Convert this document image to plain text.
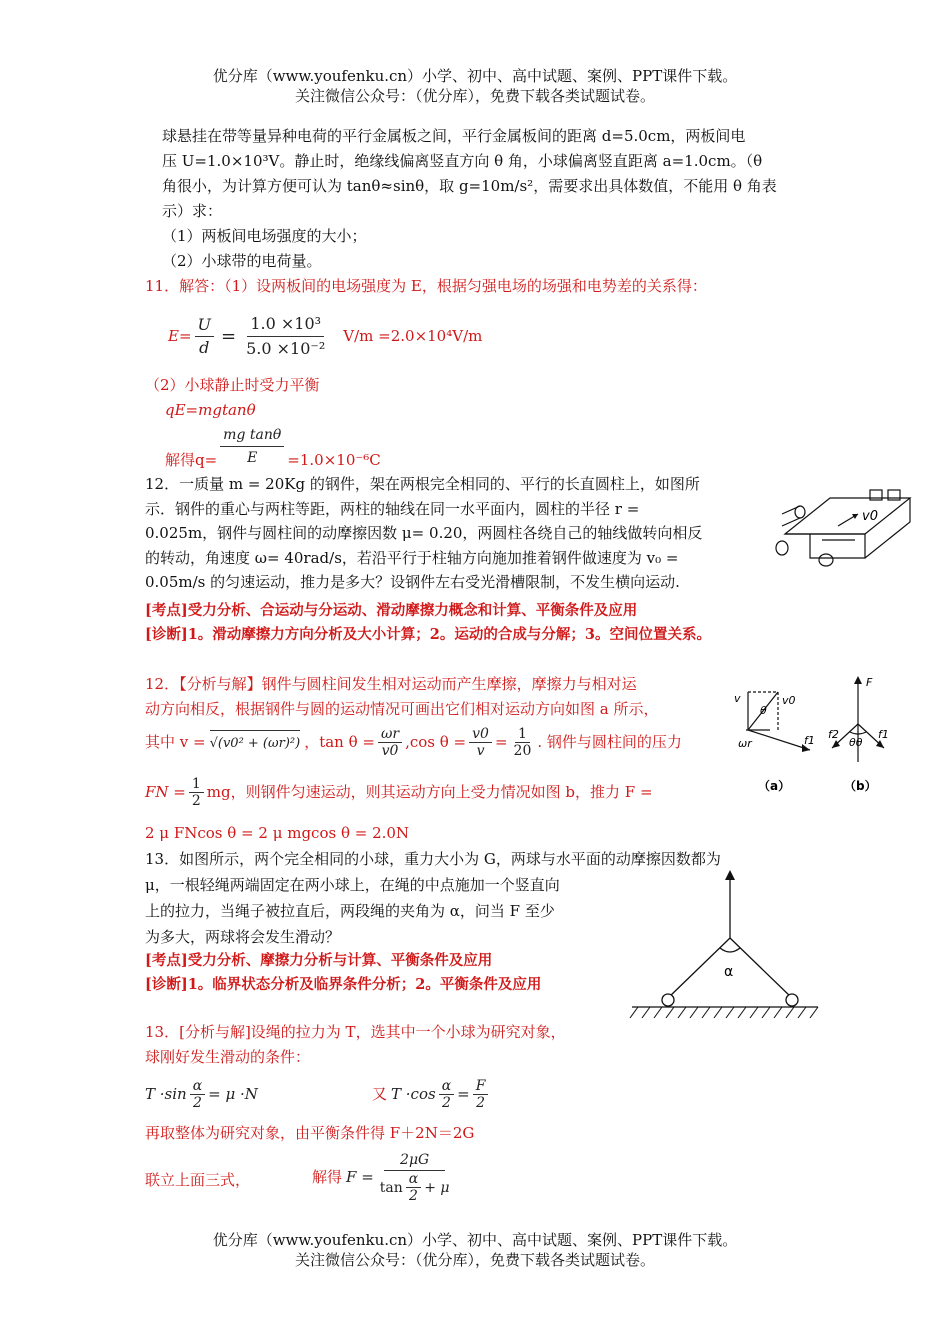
优分库（www.youfenku.cn）小学、初中、高中试题、案例、PPT课件下载。
关注微信公众号：（优分库），免费下载各类试题试卷。
球悬挂在带等量异种电荷的平行金属板之间，平行金属板间的距离 d=5.0cm，两板间电
压 U=1.0×10³V。静止时，绝缘线偏离竖直方向 θ 角，小球偏离竖直距离 a=1.0cm。（θ
角很小，为计算方便可认为 tanθ≈sinθ，取 g=10m/s²，需要求出具体数值，不能用 θ 角表
示）求：
（1）两板间电场强度的大小；
（2）小球带的电荷量。
11．解答：（1）设两板间的电场强度为 E，根据匀强电场的场强和电势差的关系得：
$E= \frac{U}{d} = \frac{\text{1.0 ×10³}}{\text{5.0 ×10⁻²}} V/m =2.0\times 10^4V/m$
（2）小球静止时受力平衡
qE=mgtanθ
解得$q= \frac{\text{mg tanθ}}{E} =1.0\times 10^{-6}C$
12．一质量 m = 20Kg 的钢件，架在两根完全相同的、平行的长直圆柱上，如图所
示．钢件的重心与两柱等距，两柱的轴线在同一水平面内，圆柱的半径 r =
0.025m，钢件与圆柱间的动摩擦因数 μ= 0.20，两圆柱各绕自己的轴线做转向相反
的转动，角速度 ω= 40rad/s，若沿平行于柱轴方向施加推着钢件做速度为 v₀ =
0.05m/s 的匀速运动，推力是多大？设钢件左右受光滑槽限制，不发生横向运动.
v0
[考点]受力分析、合运动与分运动、滑动摩擦力概念和计算、平衡条件及应用
[诊断]1。滑动摩擦力方向分析及大小计算；2。运动的合成与分解；3。空间位置关系。
12．【分析与解】钢件与圆柱间发生相对运动而产生摩擦，摩擦力与相对运
动方向相反，根据钢件与圆的运动情况可画出它们相对运动方向如图 a 所示，
其中 v = √(v0² + (ωr)²) ，$\tan \theta = \frac{\omega r}{v0} ,\cos$ $\theta = \frac{v0}{v} = \frac{1}{20}$ . 钢件与圆柱间的压力
FN = $\frac{1}{2}$ mg，则钢件匀速运动，则其运动方向上受力情况如图 b，推力 F =
2 μ FNcos θ = 2 μ mgcos θ = 2.0N
v	v0
θ
ωr	f1
（a）
F
f2
θθ
f1
（b）
13．如图所示，两个完全相同的小球，重力大小为 G，两球与水平面的动摩擦因数都为
μ，一根轻绳两端固定在两小球上，在绳的中点施加一个竖直向
上的拉力，当绳子被拉直后，两段绳的夹角为 α，问当 F 至少
为多大，两球将会发生滑动？
[考点]受力分析、摩擦力分析与计算、平衡条件及应用
[诊断]1。临界状态分析及临界条件分析；2。平衡条件及应用
α
13．[分析与解]设绳的拉力为 T，选其中一个小球为研究对象，
球刚好发生滑动的条件：
$T \cdot\sin \frac{\alpha}{2} = \mu \cdot N$	又 $T \cdot\cos \frac{\alpha}{2} = \frac{F}{2}$
再取整体为研究对象，由平衡条件得 F＋2N＝2G
联立上面三式，	解得 $F = \frac{2\mu G}{\tan \frac{\alpha}{2} + \mu}$
优分库（www.youfenku.cn）小学、初中、高中试题、案例、PPT课件下载。
关注微信公众号：（优分库），免费下载各类试题试卷。
